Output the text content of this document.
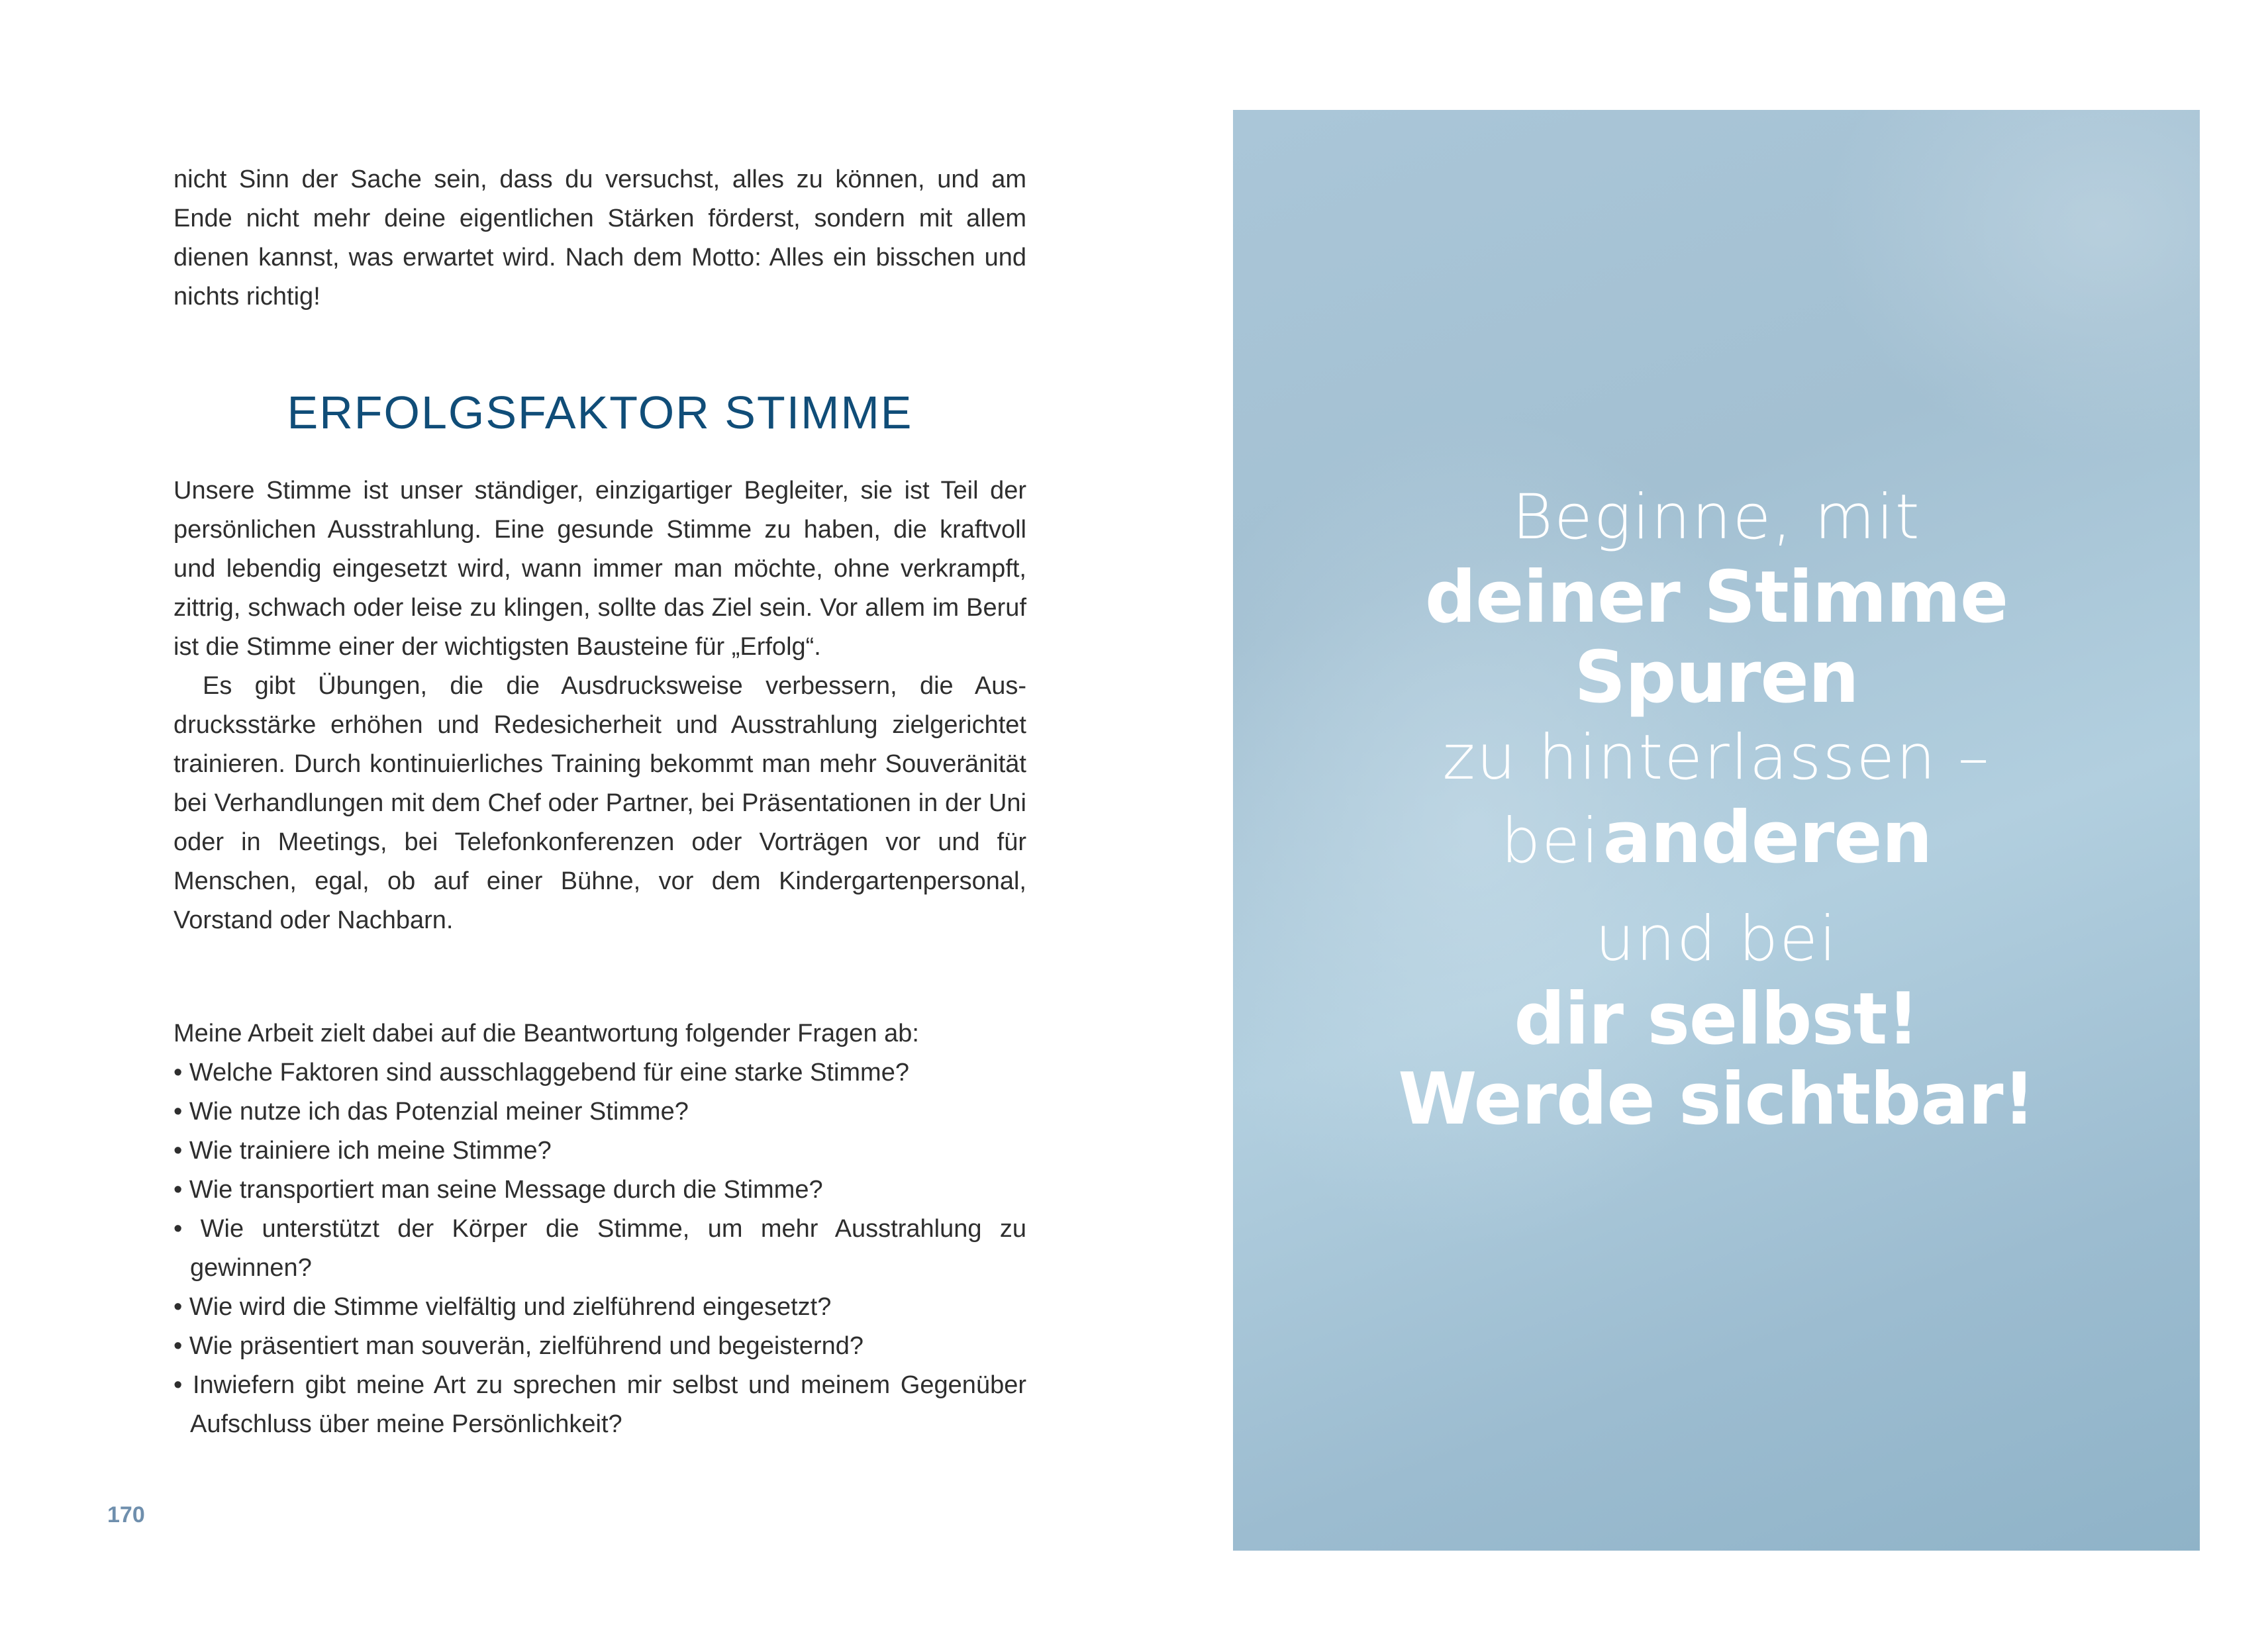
nicht Sinn der Sache sein, dass du versuchst, alles zu können, und am Ende nicht mehr deine eigentlichen Stärken förderst, sondern mit allem dienen kannst, was erwartet wird. Nach dem Motto: Alles ein bisschen und nichts richtig!

ERFOLGSFAKTOR STIMME

Unsere Stimme ist unser ständiger, einzigartiger Begleiter, sie ist Teil der persönlichen Ausstrahlung. Eine gesunde Stimme zu haben, die kraftvoll und lebendig eingesetzt wird, wann immer man möchte, ohne verkrampft, zittrig, schwach oder leise zu klingen, sollte das Ziel sein. Vor allem im Beruf ist die Stimme einer der wichtigsten Bausteine für „Erfolg“.

Es gibt Übungen, die die Ausdrucksweise verbessern, die Ausdrucksstärke erhöhen und Redesicherheit und Ausstrahlung zielgerichtet trainieren. Durch kontinuierliches Training bekommt man mehr Souveränität bei Verhandlungen mit dem Chef oder Partner, bei Präsentationen in der Uni oder in Meetings, bei Telefonkonferenzen oder Vorträgen vor und für Menschen, egal, ob auf einer Bühne, vor dem Kindergartenpersonal, Vorstand oder Nachbarn.

Meine Arbeit zielt dabei auf die Beantwortung folgender Fragen ab:

• Welche Faktoren sind ausschlaggebend für eine starke Stimme?
• Wie nutze ich das Potenzial meiner Stimme?
• Wie trainiere ich meine Stimme?
• Wie transportiert man seine Message durch die Stimme?
• Wie unterstützt der Körper die Stimme, um mehr Ausstrahlung zu gewinnen?
• Wie wird die Stimme vielfältig und zielführend eingesetzt?
• Wie präsentiert man souverän, zielführend und begeisternd?
• Inwiefern gibt meine Art zu sprechen mir selbst und meinem Gegenüber Aufschluss über meine Persönlichkeit?
170
Beginne, mit
deiner Stimme
Spuren
zu hinterlassen –
bei anderen
und bei
dir selbst!
Werde sichtbar!
